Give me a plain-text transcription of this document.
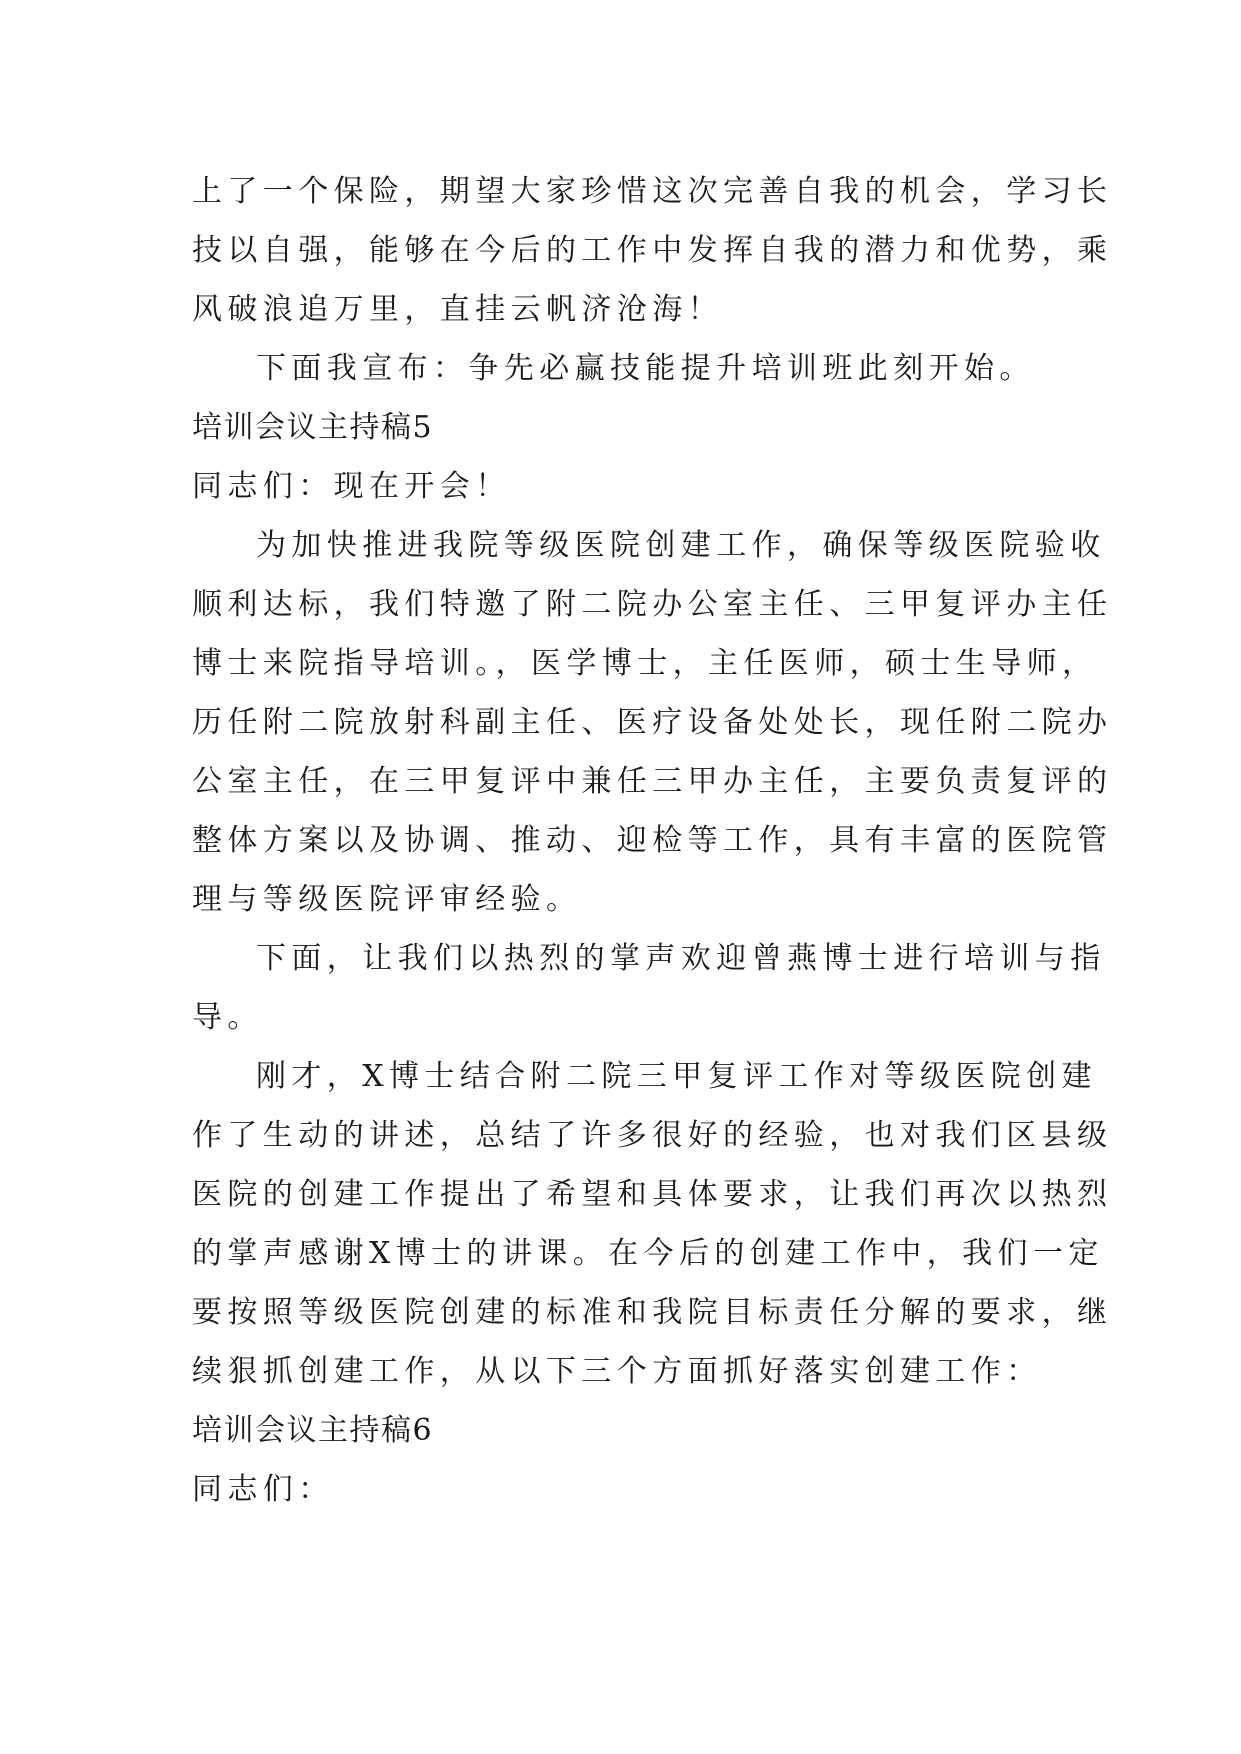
上了一个保险，期望大家珍惜这次完善自我的机会，学习长

技以自强，能够在今后的工作中发挥自我的潜力和优势，乘

风破浪追万里，直挂云帆济沧海！

下面我宣布：争先必赢技能提升培训班此刻开始。

培训会议主持稿5

同志们：现在开会！

为加快推进我院等级医院创建工作，确保等级医院验收

顺利达标，我们特邀了附二院办公室主任、三甲复评办主任

博士来院指导培训。，医学博士，主任医师，硕士生导师，

历任附二院放射科副主任、医疗设备处处长，现任附二院办

公室主任，在三甲复评中兼任三甲办主任，主要负责复评的

整体方案以及协调、推动、迎检等工作，具有丰富的医院管

理与等级医院评审经验。

下面，让我们以热烈的掌声欢迎曾燕博士进行培训与指

导。

刚才，X博士结合附二院三甲复评工作对等级医院创建

作了生动的讲述，总结了许多很好的经验，也对我们区县级

医院的创建工作提出了希望和具体要求，让我们再次以热烈

的掌声感谢X博士的讲课。在今后的创建工作中，我们一定

要按照等级医院创建的标准和我院目标责任分解的要求，继

续狠抓创建工作，从以下三个方面抓好落实创建工作：

培训会议主持稿6

同志们：
